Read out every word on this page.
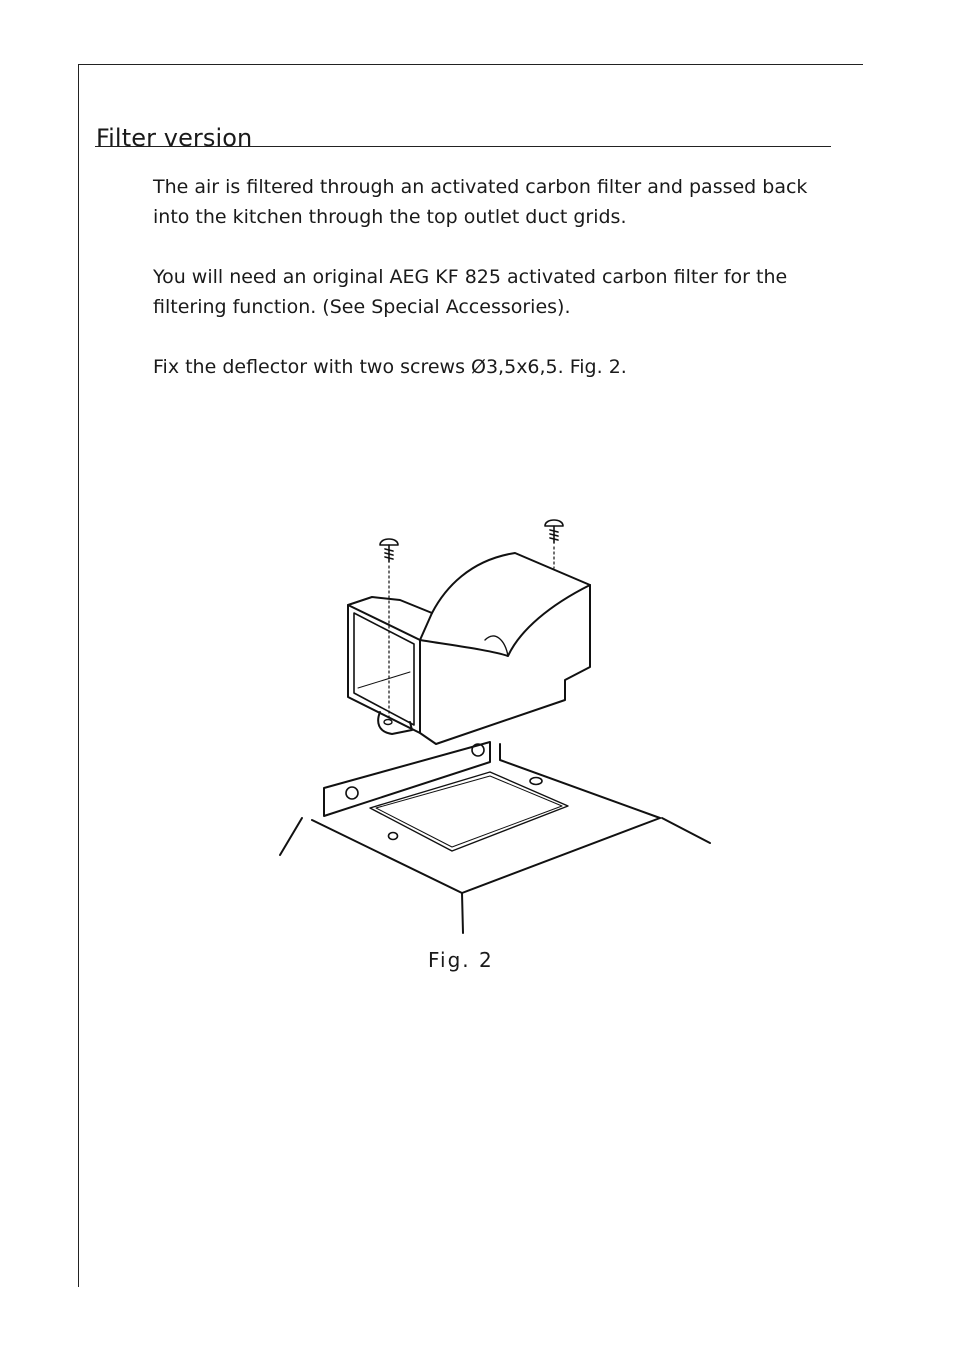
Filter version

The air is filtered through an activated carbon filter and passed back into the kitchen through the top outlet duct grids.

You will need an original AEG KF 825 activated carbon filter for the filtering function. (See Special Accessories).

Fix the deflector with two screws Ø3,5x6,5. Fig. 2.

Fig. 2
